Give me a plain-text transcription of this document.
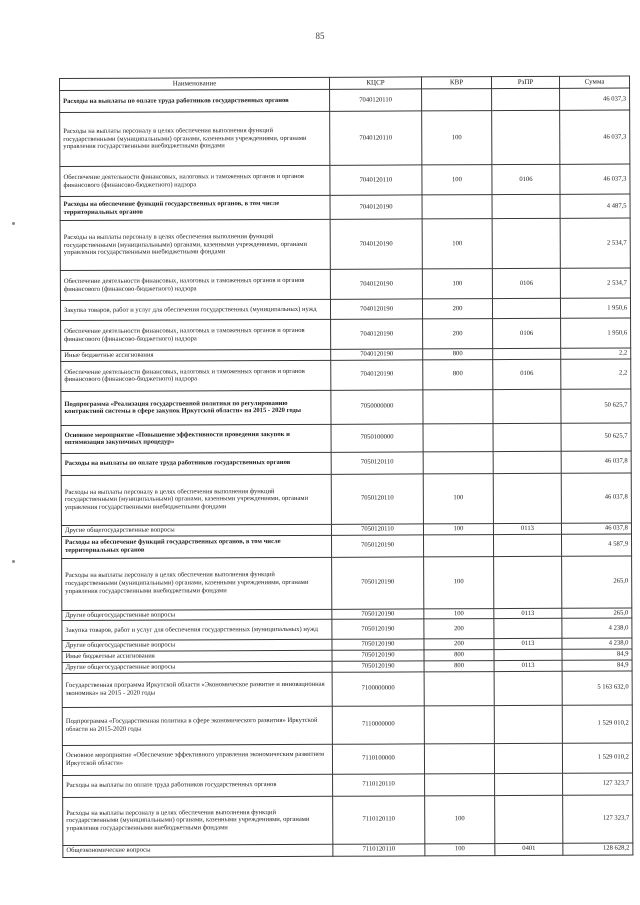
85
Наименование	КЦСР	КВР	РзПР	Сумма
Расходы на выплаты по оплате труда работников государственных органов	7040120110			46 037,3
Расходы на выплаты персоналу в целях обеспечения выполнения функций государственными (муниципальными) органами, казенными учреждениями, органами управления государственными внебюджетными фондами	7040120110	100		46 037,3
Обеспечение деятельности финансовых, налоговых и таможенных органов и органов финансового (финансово-бюджетного) надзора	7040120110	100	0106	46 037,3
Расходы на обеспечение функций государственных органов, в том числе территориальных органов	7040120190			4 487,5
Расходы на выплаты персоналу в целях обеспечения выполнения функций государственными (муниципальными) органами, казенными учреждениями, органами управления государственными внебюджетными фондами	7040120190	100		2 534,7
Обеспечение деятельности финансовых, налоговых и таможенных органов и органов финансового (финансово-бюджетного) надзора	7040120190	100	0106	2 534,7
Закупка товаров, работ и услуг для обеспечения государственных (муниципальных) нужд	7040120190	200		1 950,6
Обеспечение деятельности финансовых, налоговых и таможенных органов и органов финансового (финансово-бюджетного) надзора	7040120190	200	0106	1 950,6
Иные бюджетные ассигнования	7040120190	800		2,2
Обеспечение деятельности финансовых, налоговых и таможенных органов и органов финансового (финансово-бюджетного) надзора	7040120190	800	0106	2,2
Подпрограмма «Реализация государственной политики по регулированию контрактной системы в сфере закупок Иркутской области» на 2015 - 2020 годы	7050000000			50 625,7
Основное мероприятие «Повышение эффективности проведения закупок и оптимизация закупочных процедур»	7050100000			50 625,7
Расходы на выплаты по оплате труда работников государственных органов	7050120110			46 037,8
Расходы на выплаты персоналу в целях обеспечения выполнения функций государственными (муниципальными) органами, казенными учреждениями, органами управления государственными внебюджетными фондами	7050120110	100		46 037,8
Другие общегосударственные вопросы	7050120110	100	0113	46 037,8
Расходы на обеспечение функций государственных органов, в том числе территориальных органов	7050120190			4 587,9
Расходы на выплаты персоналу в целях обеспечения выполнения функций государственными (муниципальными) органами, казенными учреждениями, органами управления государственными внебюджетными фондами	7050120190	100		265,0
Другие общегосударственные вопросы	7050120190	100	0113	265,0
Закупка товаров, работ и услуг для обеспечения государственных (муниципальных) нужд	7050120190	200		4 238,0
Другие общегосударственные вопросы	7050120190	200	0113	4 238,0
Иные бюджетные ассигнования	7050120190	800		84,9
Другие общегосударственные вопросы	7050120190	800	0113	84,9
Государственная программа Иркутской области «Экономическое развитие и инновационная экономика» на 2015 - 2020 годы	7100000000			5 163 632,0
Подпрограмма «Государственная политика в сфере экономического развития» Иркутской области на 2015-2020 годы	7110000000			1 529 010,2
Основное мероприятие «Обеспечение эффективного управления экономическим развитием Иркутской области»	7110100000			1 529 010,2
Расходы на выплаты по оплате труда работников государственных органов	7110120110			127 323,7
Расходы на выплаты персоналу в целях обеспечения выполнения функций государственными (муниципальными) органами, казенными учреждениями, органами управления государственными внебюджетными фондами	7110120110	100		127 323,7
Общеэкономические вопросы	7110120110	100	0401	128 628,2
